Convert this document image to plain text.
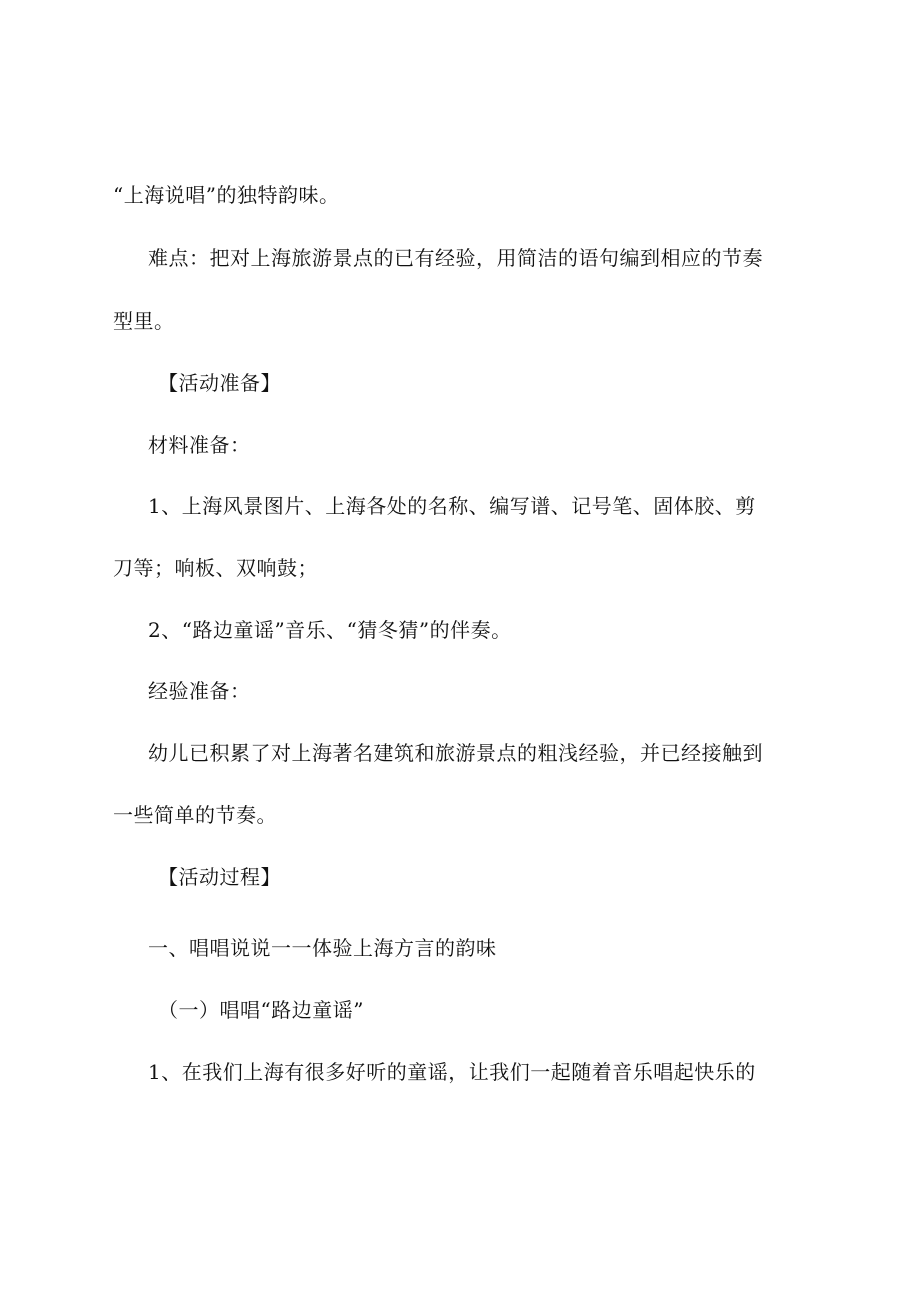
“上海说唱”的独特韵味。
难点：把对上海旅游景点的已有经验，用简洁的语句编到相应的节奏
型里。
【活动准备】
材料准备：
1、上海风景图片、上海各处的名称、编写谱、记号笔、固体胶、剪
刀等；响板、双响鼓；
2、“路边童谣”音乐、“猜冬猜”的伴奏。
经验准备：
幼儿已积累了对上海著名建筑和旅游景点的粗浅经验，并已经接触到
一些简单的节奏。
【活动过程】
一、唱唱说说一一体验上海方言的韵味
（一）唱唱“路边童谣”
1、在我们上海有很多好听的童谣，让我们一起随着音乐唱起快乐的
